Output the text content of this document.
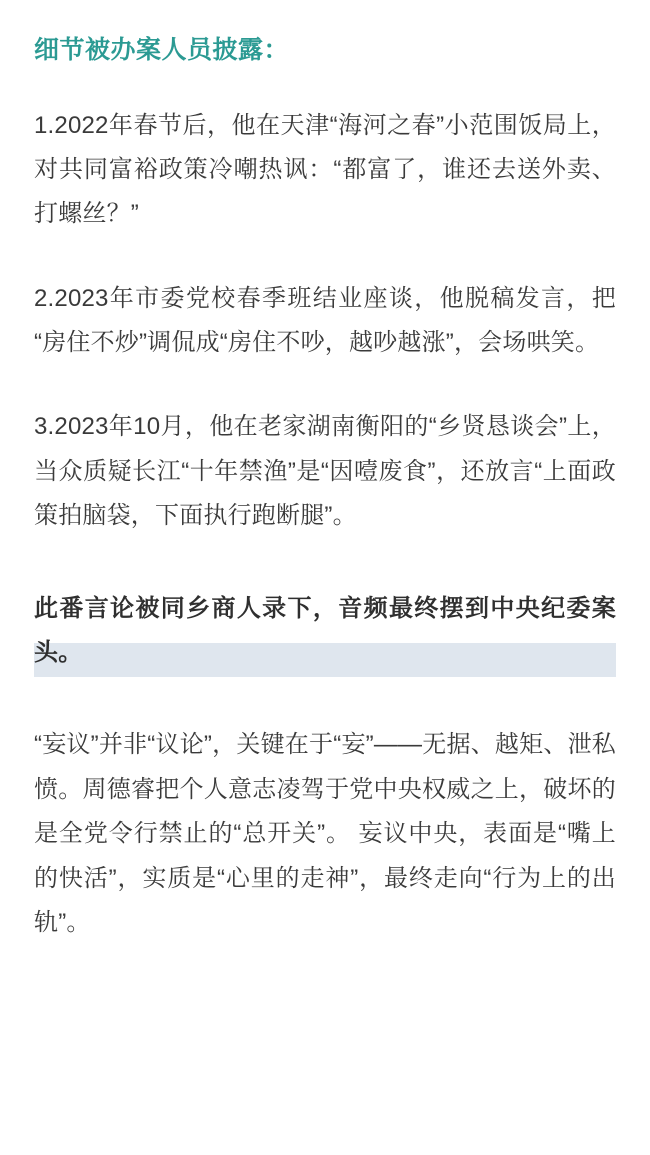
细节被办案人员披露：

1.2022年春节后，他在天津“海河之春”小范围饭局上，对共同富裕政策冷嘲热讽：“都富了，谁还去送外卖、打螺丝？”

2.2023年市委党校春季班结业座谈，他脱稿发言，把“房住不炒”调侃成“房住不吵，越吵越涨”，会场哄笑。

3.2023年10月，他在老家湖南衡阳的“乡贤恳谈会”上，当众质疑长江“十年禁渔”是“因噎废食”，还放言“上面政策拍脑袋，下面执行跑断腿”。

此番言论被同乡商人录下，音频最终摆到中央纪委案头。

“妄议”并非“议论”，关键在于“妄”——无据、越矩、泄私愤。周德睿把个人意志凌驾于党中央权威之上，破坏的是全党令行禁止的“总开关”。 妄议中央，表面是“嘴上的快活”，实质是“心里的走神”，最终走向“行为上的出轨”。
